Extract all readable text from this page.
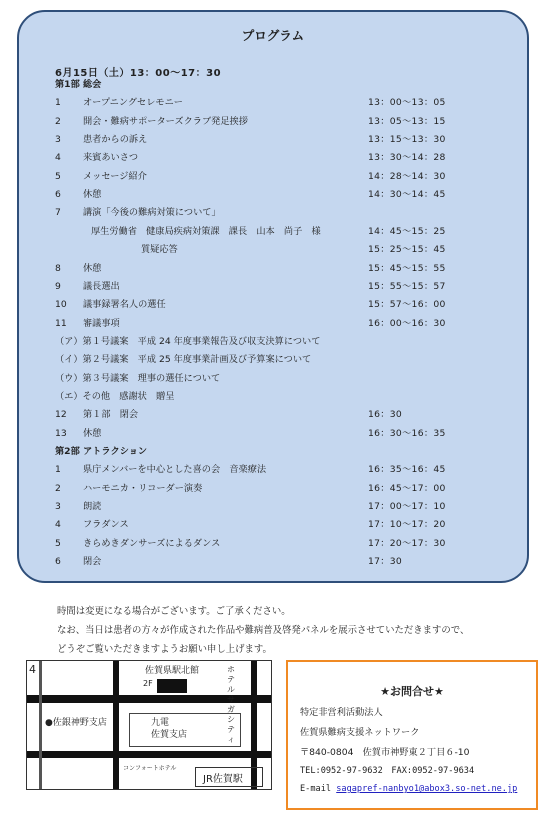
プログラム
6月15日（土）13：00〜17：30
第1部 総会
1 オープニングセレモニー	13：00〜13：05
2 開会・難病サポーターズクラブ発足挨拶	13：05〜13：15
3 患者からの訴え	13：15〜13：30
4 来賓あいさつ	13：30〜14：28
5 メッセージ紹介	14：28〜14：30
6 休憩	14：30〜14：45
7 講演「今後の難病対策について」
厚生労働省　健康局疾病対策課　課長　山本　尚子　様	14：45〜15：25
質疑応答	15：25〜15：45
8 休憩	15：45〜15：55
9 議長選出	15：55〜15：57
10 議事録署名人の選任	15：57〜16：00
11 審議事項	16：00〜16：30
（ア）第１号議案　平成 24 年度事業報告及び収支決算について
（イ）第２号議案　平成 25 年度事業計画及び予算案について
（ウ）第３号議案　理事の選任について
（エ）その他　感謝状　贈呈
12 第１部　閉会	16：30
13 休憩	16：30〜16：35
第2部 アトラクション
1 県庁メンバーを中心とした喜の会　音楽療法	16：35〜16：45
2 ハーモニカ・リコーダー演奏	16：45〜17：00
3 朗読	17：00〜17：10
4 フラダンス	17：10〜17：20
5 きらめきダンサーズによるダンス	17：20〜17：30
6 閉会	17：30
時間は変更になる場合がございます。ご了承ください。
なお、当日は患者の方々が作成された作品や難病普及啓発パネルを展示させていただきますので、
どうぞご覧いただきますようお願い申し上げます。
4	佐賀県駅北館
2F
ホテル サガシティ
●佐銀神野支店	九電
佐賀支店
コンフォートホテル
JR佐賀駅
★お問合せ★
特定非営利活動法人
佐賀県難病支援ネットワーク
〒840-0804　佐賀市神野東２丁目６-10
TEL:0952-97-9632　FAX:0952-97-9634
E-mail sagapref-nanbyo1@abox3.so-net.ne.jp
